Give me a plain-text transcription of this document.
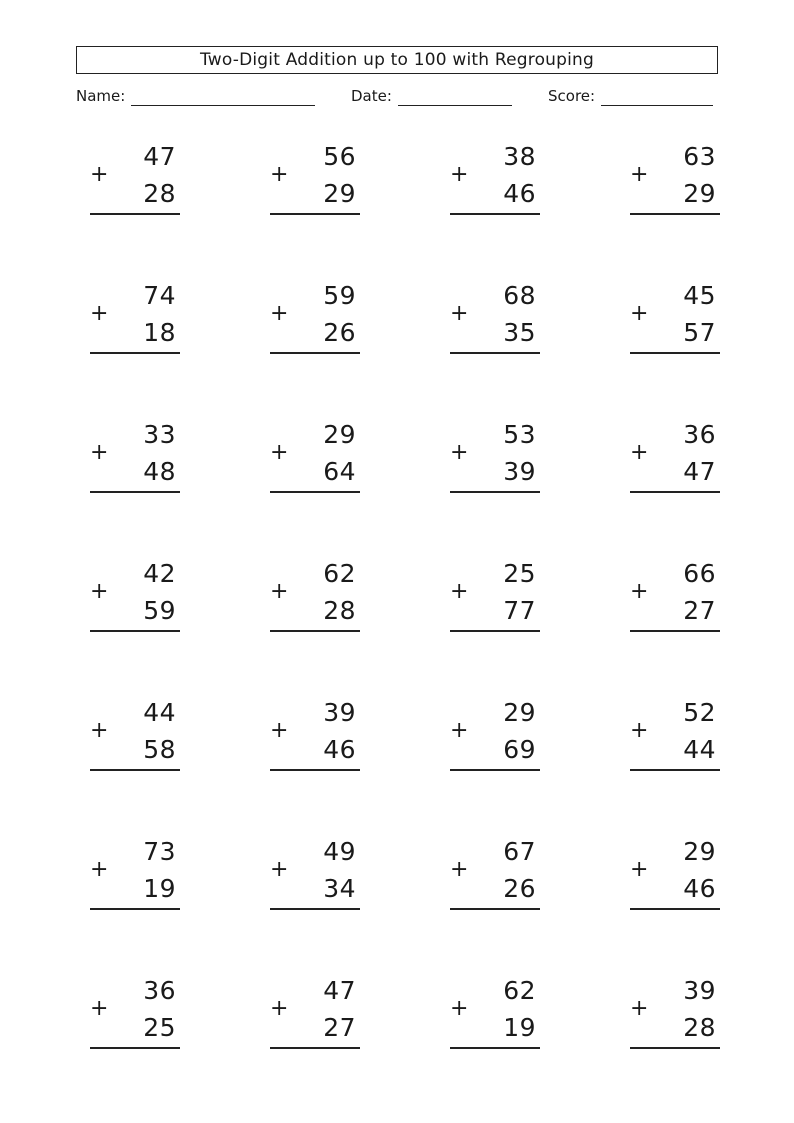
Two-Digit Addition up to 100 with Regrouping
Name:	Date:	Score:
47
+
28
56
+
29
38
+
46
63
+
29
74
+
18
59
+
26
68
+
35
45
+
57
33
+
48
29
+
64
53
+
39
36
+
47
42
+
59
62
+
28
25
+
77
66
+
27
44
+
58
39
+
46
29
+
69
52
+
44
73
+
19
49
+
34
67
+
26
29
+
46
36
+
25
47
+
27
62
+
19
39
+
28
